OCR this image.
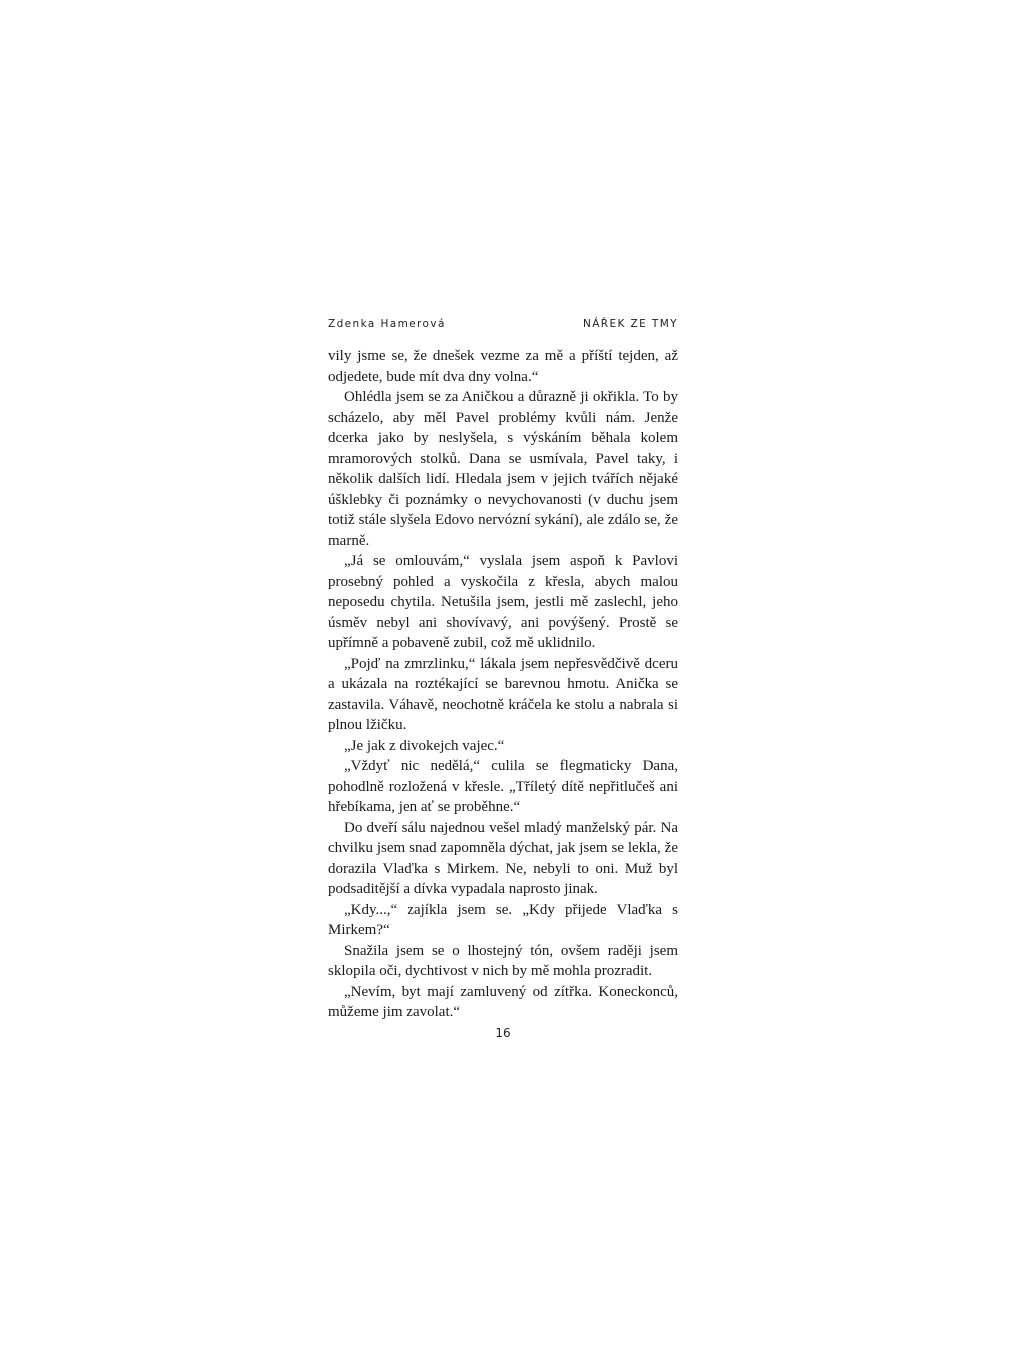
Zdenka Hamerová	NÁŘEK ZE TMY

vily jsme se, že dnešek vezme za mě a příští tejden, až odjedete, bude mít dva dny volna.“

Ohlédla jsem se za Aničkou a důrazně ji okřikla. To by scházelo, aby měl Pavel problémy kvůli nám. Jenže dcerka jako by neslyšela, s výskáním běhala kolem mramorových stolků. Dana se usmívala, Pavel taky, i několik dalších lidí. Hledala jsem v jejich tvářích nějaké úšklebky či poznámky o nevychovanosti (v duchu jsem totiž stále slyšela Edovo nervózní sykání), ale zdálo se, že marně.

„Já se omlouvám,“ vyslala jsem aspoň k Pavlovi prosebný pohled a vyskočila z křesla, abych malou neposedu chytila. Netušila jsem, jestli mě zaslechl, jeho úsměv nebyl ani shovívavý, ani povýšený. Prostě se upřímně a pobaveně zubil, což mě uklidnilo.

„Pojď na zmrzlinku,“ lákala jsem nepřesvědčivě dceru a ukázala na roztékající se barevnou hmotu. Anička se zastavila. Váhavě, neochotně kráčela ke stolu a nabrala si plnou lžičku.

„Je jak z divokejch vajec.“

„Vždyť nic nedělá,“ culila se flegmaticky Dana, pohodlně rozložená v křesle. „Tříletý dítě nepřitlučeš ani hřebíkama, jen ať se proběhne.“

Do dveří sálu najednou vešel mladý manželský pár. Na chvilku jsem snad zapomněla dýchat, jak jsem se lekla, že dorazila Vlaďka s Mirkem. Ne, nebyli to oni. Muž byl podsaditější a dívka vypadala naprosto jinak.

„Kdy...,“ zajíkla jsem se. „Kdy přijede Vlaďka s Mirkem?“

Snažila jsem se o lhostejný tón, ovšem raději jsem sklopila oči, dychtivost v nich by mě mohla prozradit.

„Nevím, byt mají zamluvený od zítřka. Koneckonců, můžeme jim zavolat.“

16
